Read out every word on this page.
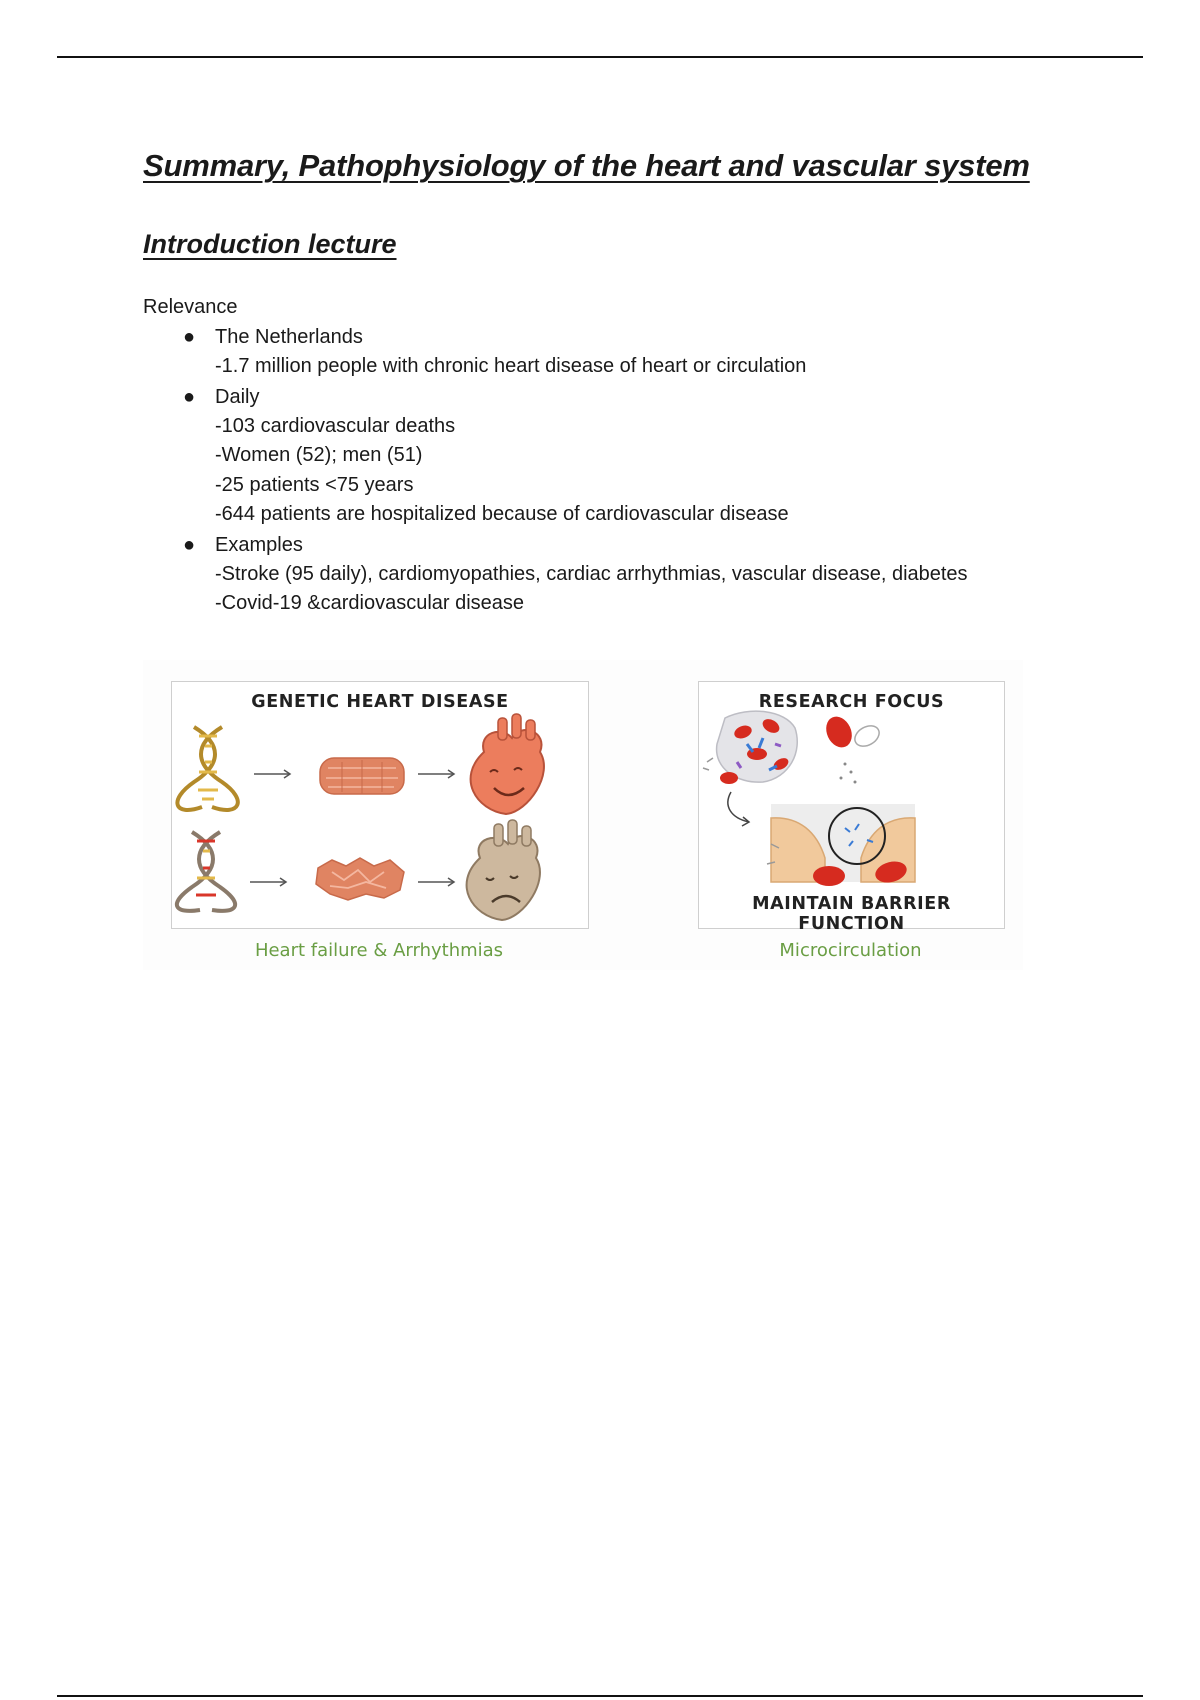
Summary, Pathophysiology of the heart and vascular system
Introduction lecture
Relevance
● The Netherlands
-1.7 million people with chronic heart disease of heart or circulation
● Daily
-103 cardiovascular deaths
-Women (52); men (51)
-25 patients <75 years
-644 patients are hospitalized because of cardiovascular disease
● Examples
-Stroke (95 daily), cardiomyopathies, cardiac arrhythmias, vascular disease, diabetes
-Covid-19 &cardiovascular disease
GENETIC HEART DISEASE	RESEARCH FOCUS
MAINTAIN BARRIER FUNCTION
Heart failure & Arrhythmias	Microcirculation
